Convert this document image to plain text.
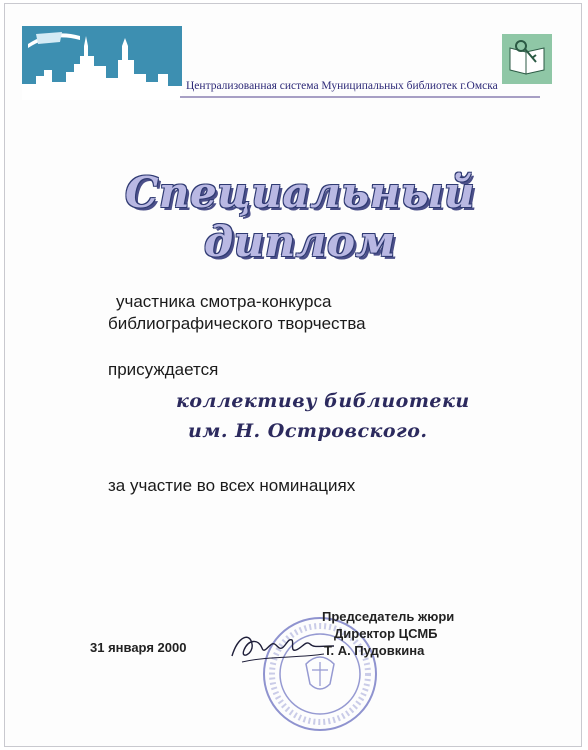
Централизованная система Муниципальных библиотек г.Омска
Специальный диплом
участника смотра-конкурса
библиографического творчества
присуждается
коллективу библиотеки
им. Н. Островского.
за участие во всех номинациях
31 января 2000
Председатель жюри
Директор ЦСМБ
Т. А. Пудовкина
